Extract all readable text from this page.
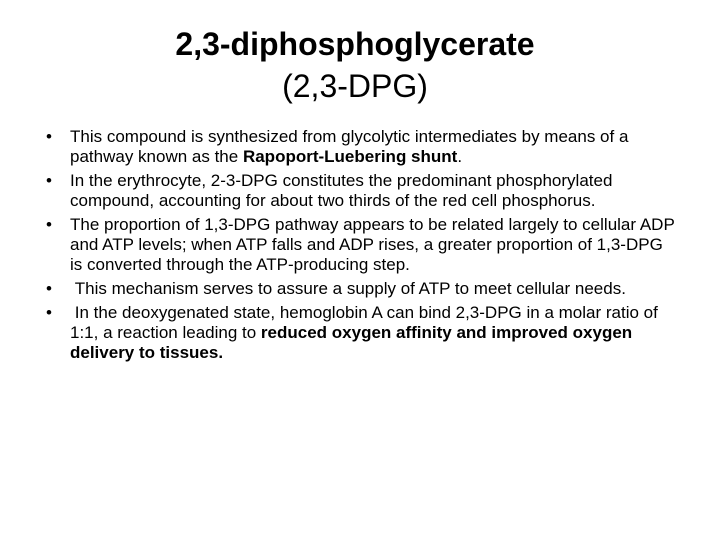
2,3-diphosphoglycerate
(2,3-DPG)
•	This compound is synthesized from glycolytic intermediates by means of a pathway known as the Rapoport-Luebering shunt.
•	In the erythrocyte, 2-3-DPG constitutes the predominant phosphorylated compound, accounting for about two thirds of the red cell phosphorus.
•	The proportion of 1,3-DPG pathway appears to be related largely to cellular ADP and ATP levels; when ATP falls and ADP rises, a greater proportion of 1,3-DPG is converted through the ATP-producing step.
•	This mechanism serves to assure a supply of ATP to meet cellular needs.
•	In the deoxygenated state, hemoglobin A can bind 2,3-DPG in a molar ratio of 1:1, a reaction leading to reduced oxygen affinity and improved oxygen delivery to tissues.
